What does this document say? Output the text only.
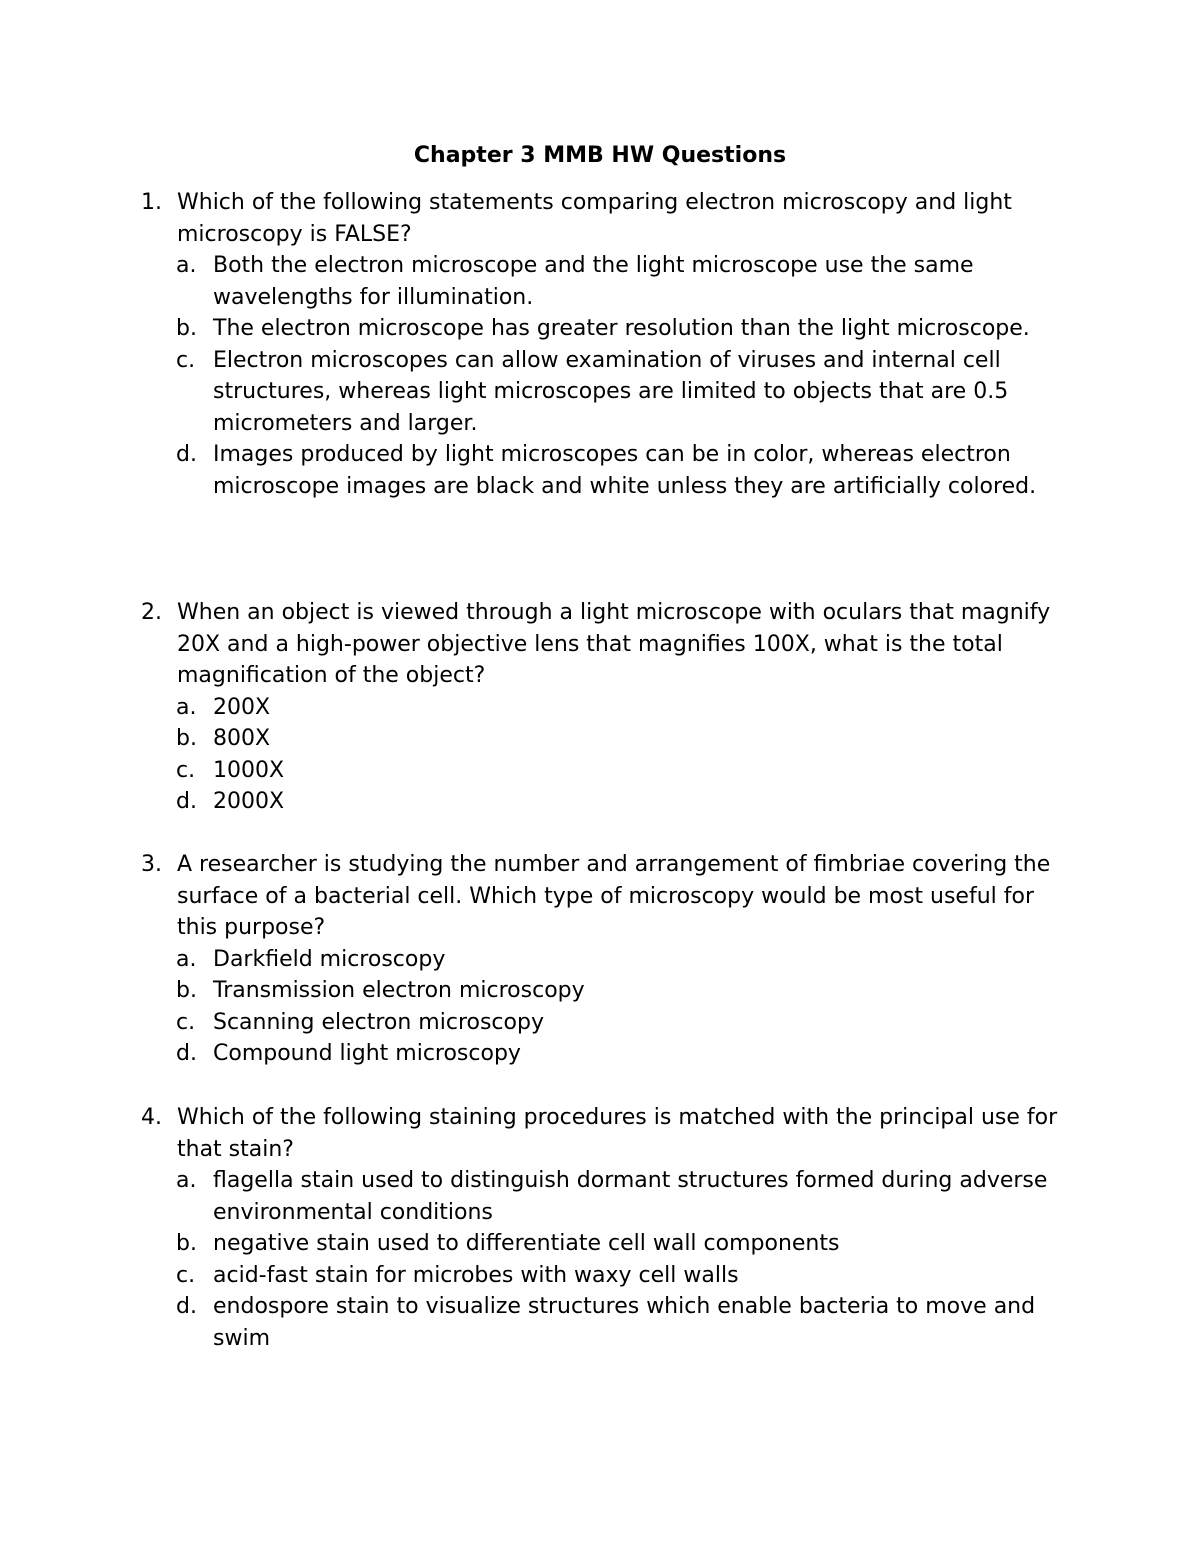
Chapter 3 MMB HW Questions
1. Which of the following statements comparing electron microscopy and light microscopy is FALSE?
a. Both the electron microscope and the light microscope use the same wavelengths for illumination.
b. The electron microscope has greater resolution than the light microscope.
c. Electron microscopes can allow examination of viruses and internal cell structures, whereas light microscopes are limited to objects that are 0.5 micrometers and larger.
d. Images produced by light microscopes can be in color, whereas electron microscope images are black and white unless they are artificially colored.
2. When an object is viewed through a light microscope with oculars that magnify 20X and a high-power objective lens that magnifies 100X, what is the total magnification of the object?
a. 200X
b. 800X
c. 1000X
d. 2000X
3. A researcher is studying the number and arrangement of fimbriae covering the surface of a bacterial cell. Which type of microscopy would be most useful for this purpose?
a. Darkfield microscopy
b. Transmission electron microscopy
c. Scanning electron microscopy
d. Compound light microscopy
4. Which of the following staining procedures is matched with the principal use for that stain?
a. flagella stain used to distinguish dormant structures formed during adverse environmental conditions
b. negative stain used to differentiate cell wall components
c. acid-fast stain for microbes with waxy cell walls
d. endospore stain to visualize structures which enable bacteria to move and swim
